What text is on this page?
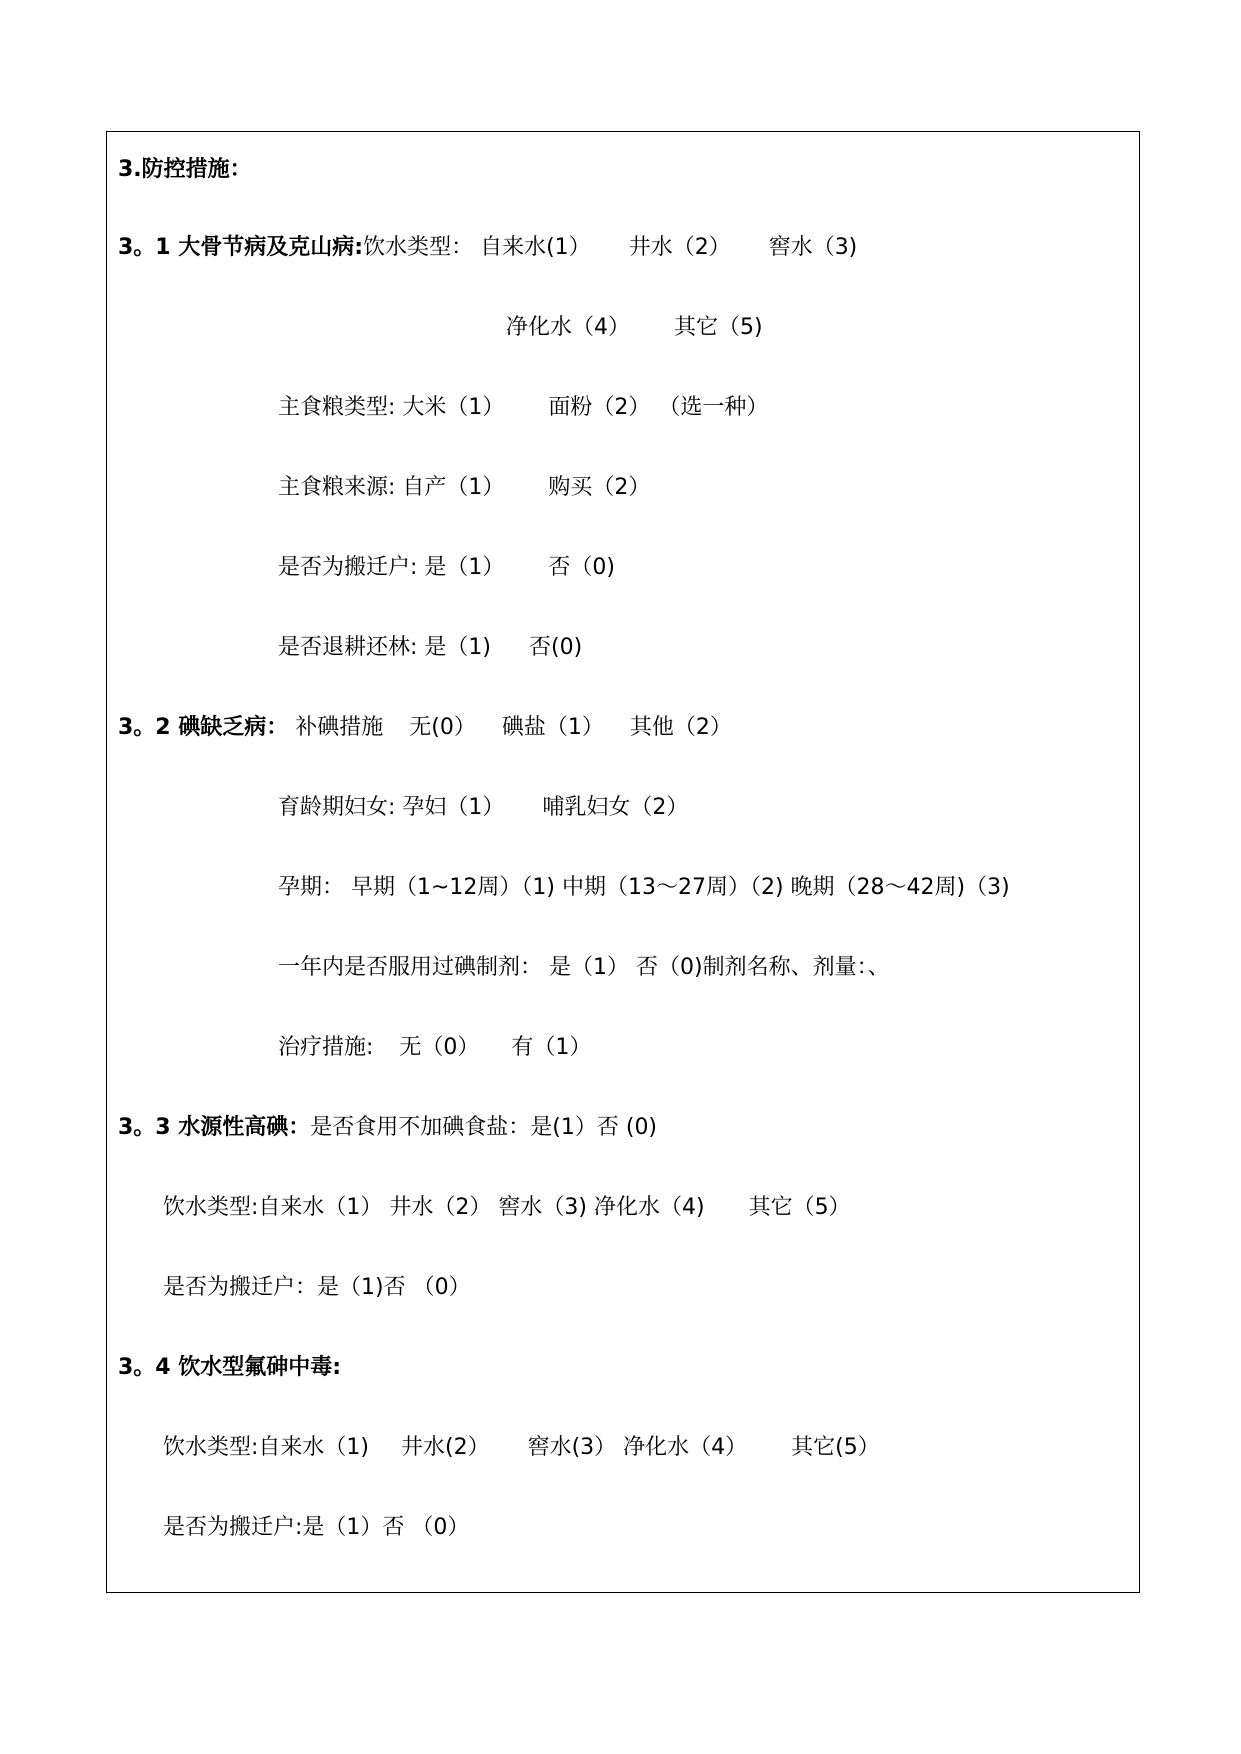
3.防控措施：
3。1 大骨节病及克山病:饮水类型： 自来水(1） 井水（2） 窖水（3)
净化水（4） 其它（5)
主食粮类型: 大米（1） 面粉（2） （选一种）
主食粮来源: 自产（1） 购买（2）
是否为搬迁户: 是（1） 否（0)
是否退耕还林: 是（1) 否(0)
3。2 碘缺乏病： 补碘措施 无(0） 碘盐（1） 其他（2）
育龄期妇女: 孕妇（1） 哺乳妇女（2）
孕期： 早期（1~12周）（1) 中期（13～27周）（2) 晚期（28～42周)（3)
一年内是否服用过碘制剂： 是（1） 否（0)制剂名称、剂量：、
治疗措施: 无（0） 有（1）
3。3 水源性高碘：是否食用不加碘食盐：是(1）否 (0)
饮水类型:自来水（1） 井水（2） 窖水（3) 净化水（4) 其它（5）
是否为搬迁户：是（1)否 （0）
3。4 饮水型氟砷中毒:
饮水类型:自来水（1) 井水(2） 窖水(3） 净化水（4） 其它(5）
是否为搬迁户:是（1）否 （0）
